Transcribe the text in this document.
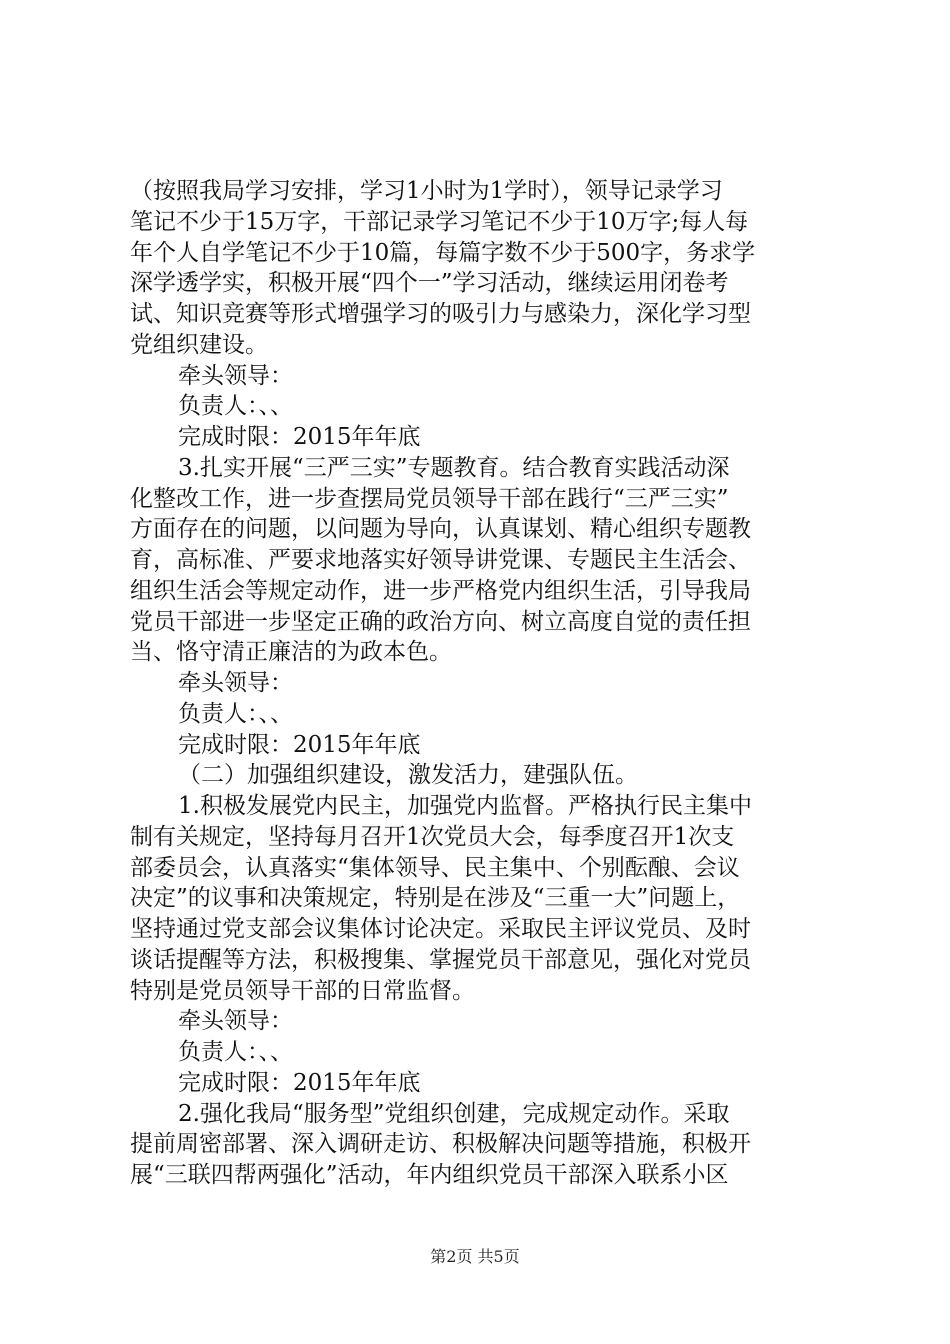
（按照我局学习安排，学习1小时为1学时），领导记录学习
笔记不少于15万字，干部记录学习笔记不少于10万字;每人每
年个人自学笔记不少于10篇，每篇字数不少于500字，务求学
深学透学实，积极开展“四个一”学习活动，继续运用闭卷考
试、知识竞赛等形式增强学习的吸引力与感染力，深化学习型
党组织建设。
牵头领导：
负责人：、、
完成时限：2015年年底
3.扎实开展“三严三实”专题教育。结合教育实践活动深
化整改工作，进一步查摆局党员领导干部在践行“三严三实”
方面存在的问题，以问题为导向，认真谋划、精心组织专题教
育，高标准、严要求地落实好领导讲党课、专题民主生活会、
组织生活会等规定动作，进一步严格党内组织生活，引导我局
党员干部进一步坚定正确的政治方向、树立高度自觉的责任担
当、恪守清正廉洁的为政本色。
牵头领导：
负责人：、、
完成时限：2015年年底
（二）加强组织建设，激发活力，建强队伍。
1.积极发展党内民主，加强党内监督。严格执行民主集中
制有关规定，坚持每月召开1次党员大会，每季度召开1次支
部委员会，认真落实“集体领导、民主集中、个别酝酿、会议
决定”的议事和决策规定，特别是在涉及“三重一大”问题上，
坚持通过党支部会议集体讨论决定。采取民主评议党员、及时
谈话提醒等方法，积极搜集、掌握党员干部意见，强化对党员
特别是党员领导干部的日常监督。
牵头领导：
负责人：、、
完成时限：2015年年底
2.强化我局“服务型”党组织创建，完成规定动作。采取
提前周密部署、深入调研走访、积极解决问题等措施，积极开
展“三联四帮两强化”活动，年内组织党员干部深入联系小区
第2页 共5页
